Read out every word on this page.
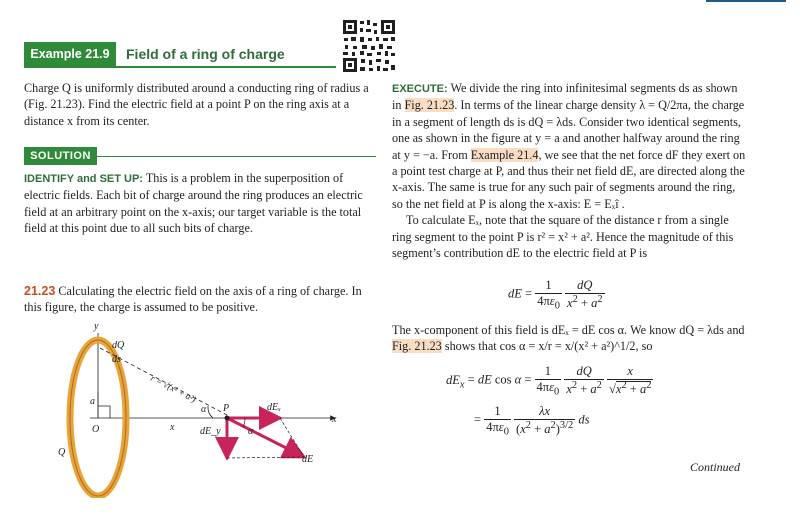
Example 21.9	Field of a ring of charge

Charge Q is uniformly distributed around a conducting ring of radius a (Fig. 21.23). Find the electric field at a point P on the ring axis at a distance x from its center.

SOLUTION

IDENTIFY and SET UP: This is a problem in the superposition of electric fields. Each bit of charge around the ring produces an electric field at an arbitrary point on the x-axis; our target variable is the total field at this point due to all such bits of charge.

21.23 Calculating the electric field on the axis of a ring of charge. In this figure, the charge is assumed to be positive.
y
dQ
ds
r = √(x² + a²)
a
O
Q
x
α
α
P	dEₓ
dE_y
dE
x

EXECUTE: We divide the ring into infinitesimal segments ds as shown in Fig. 21.23. In terms of the linear charge density λ = Q/2πa, the charge in a segment of length ds is dQ = λds. Consider two identical segments, one as shown in the figure at y = a and another halfway around the ring at y = −a. From Example 21.4, we see that the net force dF they exert on a point test charge at P, and thus their net field dE, are directed along the x-axis. The same is true for any such pair of segments around the ring, so the net field at P is along the x-axis: E = Eₓî .

To calculate Eₓ, note that the square of the distance r from a single ring segment to the point P is r² = x² + a². Hence the magnitude of this segment’s contribution dE to the electric field at P is

dE = $\frac{1}{4\pi\varepsilon_0}$
$\frac{dQ}{x^2 + a^2}$

The x-component of this field is dEₓ = dE cos α. We know dQ = λds and Fig. 21.23 shows that cos α = x/r = x/(x² + a²)^1/2, so

$dE_x$ = dE $\cos \alpha = \frac{1}{4\pi\varepsilon_0}$
$\frac{dQ}{x^2 + a^2}$
$\frac{x}{√x^2 + a^2}$
= $\frac{1}{4\pi\varepsilon_0}$
$\frac{\lambda x}{(x^2 + a^2)^{3/2}}$ ds
Continued
